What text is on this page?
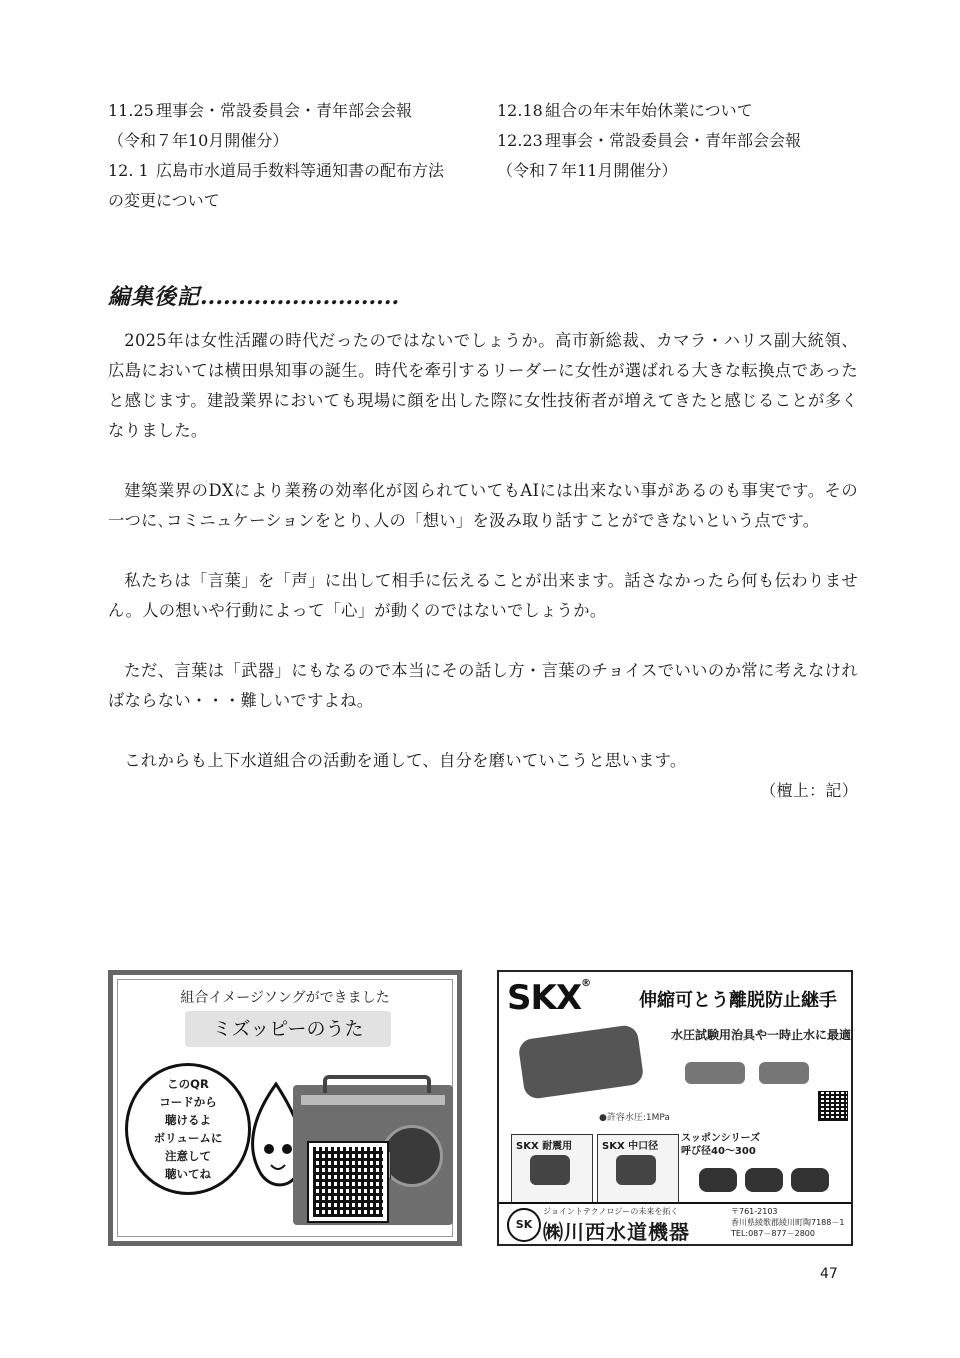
11.25 理事会・常設委員会・青年部会会報
（令和７年10月開催分）
12. 1 広島市水道局手数料等通知書の配布方法
の変更について
12.18 組合の年末年始休業について
12.23 理事会・常設委員会・青年部会会報
（令和７年11月開催分）
編集後記..........................

2025年は女性活躍の時代だったのではないでしょうか。高市新総裁、カマラ・ハリス副大統領、広島においては横田県知事の誕生。時代を牽引するリーダーに女性が選ばれる大きな転換点であったと感じます。建設業界においても現場に顔を出した際に女性技術者が増えてきたと感じることが多くなりました。

建築業界のDXにより業務の効率化が図られていてもAIには出来ない事があるのも事実です。その一つに､コミニュケーションをとり､人の「想い」を汲み取り話すことができないという点です。

私たちは「言葉」を「声」に出して相手に伝えることが出来ます。話さなかったら何も伝わりません。人の想いや行動によって「心」が動くのではないでしょうか。

ただ、言葉は「武器」にもなるので本当にその話し方・言葉のチョイスでいいのか常に考えなければならない・・・難しいですよね。

これからも上下水道組合の活動を通して、自分を磨いていこうと思います。

（檀上：記）
組合イメージソングができました
ミズッピーのうた
このQR
コードから
聴けるよ
ボリュームに
注意して
聴いてね
SKX®
伸縮可とう離脱防止継手
水圧試験用治具や一時止水に最適
●許容水圧:1MPa
SKX 耐震用	SKX 中口径
スッポンシリーズ
呼び径40～300
SK
ジョイントテクノロジーの未来を拓く
㈱川西水道機器
〒761-2103
香川県綾歌郡綾川町陶7188－1
TEL:087－877－2800
47
